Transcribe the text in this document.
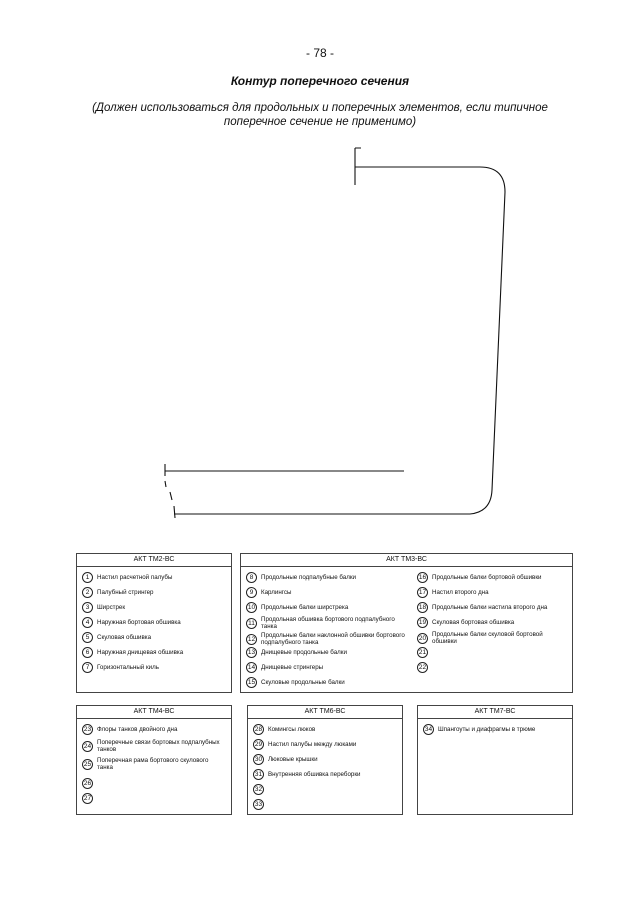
- 78 -
Контур поперечного сечения
(Должен использоваться для продольных и поперечных элементов, если типичное поперечное сечение не применимо)
АКТ ТМ2-ВС
1	Настил расчетной палубы
2	Палубный стрингер
3	Ширстрек
4	Наружная бортовая обшивка
5	Скуловая обшивка
6	Наружная днищевая обшивка
7	Горизонтальный киль
АКТ ТМ3-ВС
8	Продольные подпалубные балки
9	Карлингсы
10 Продольные балки ширстрека
11 Продольная обшивка бортового подпалубного танка
12 Продольные балки наклонной обшивки бортового подпалубного танка
13 Днищевые продольные балки
14 Днищевые стрингеры
15 Скуловые продольные балки
16 Продольные балки бортовой обшивки
17 Настил второго дна
18 Продольные балки настила второго дна
19 Скуловая бортовая обшивка
20 Продольные балки скуловой бортовой обшивки
21
22
АКТ ТМ4-ВС
23 Флоры танков двойного дна
24 Поперечные связи бортовых подпалубных танков
25 Поперечная рама бортового скулового танка
26
27
АКТ ТМ6-ВС
28 Комингсы люков
29 Настил палубы между люками
30 Люковые крышки
31 Внутренняя обшивка переборки
32
33
АКТ ТМ7-ВС
34 Шпангоуты и диафрагмы в трюме
